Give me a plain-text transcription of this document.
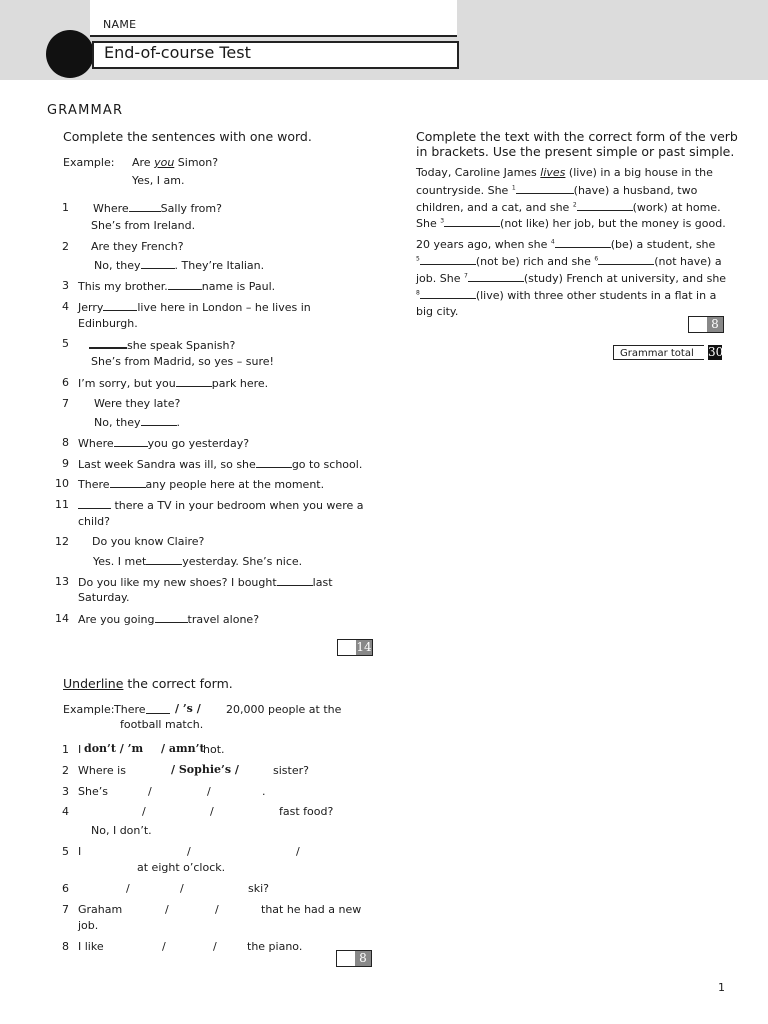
NAME
End-of-course Test
GRAMMAR
Complete the sentences with one word.
Example: Are you Simon?
Yes, I am.
1 Where	Sally from?
She’s from Ireland.
2 Are they French?
No, they	. They’re Italian.
3 This my brother.	name is Paul.
4 Jerry	live here in London – he lives in
Edinburgh.
5	she speak Spanish?
She’s from Madrid, so yes – sure!
6 I’m sorry, but you	park here.
7 Were they late?
No, they	.
8 Where	you go yesterday?
9 Last week Sandra was ill, so she	go to school.
10 There	any people here at the moment.
11	there a TV in your bedroom when you were a
child?
12 Do you know Claire?
Yes. I met	yesterday. She’s nice.
13 Do you like my new shoes? I bought	last
Saturday.
14 Are you going	travel alone?
14
Complete the text with the correct form of the verb
in brackets. Use the present simple or past simple.
Today, Caroline James lives (live) in a big house in the
countryside. She $^1$	(have) a husband, two
children, and a cat, and she $^2$	(work) at home.
She $^3$	(not like) her job, but the money is good.
20 years ago, when she $^4$	(be) a student, she
$^5$	(not be) rich and she $^6$	(not have) a
job. She $^7$	(study) French at university, and she
$^8$	(live) with three other students in a flat in a
big city.
8
Grammar total	30
Underline the correct form.
Example: There	/ ’s / 20,000 people at the
football match.
1 I don’t / ’m / amn’t
hot.
2 Where is	/ Sophie’s /	sister?
3 She’s	/	/	.
4	/	/	fast food?
No, I don’t.
5 I	/	/
at eight o’clock.
6	/	/	ski?
7 Graham	/	/	that he had a new
job.
8 I like	/	/	the piano.
8
1
